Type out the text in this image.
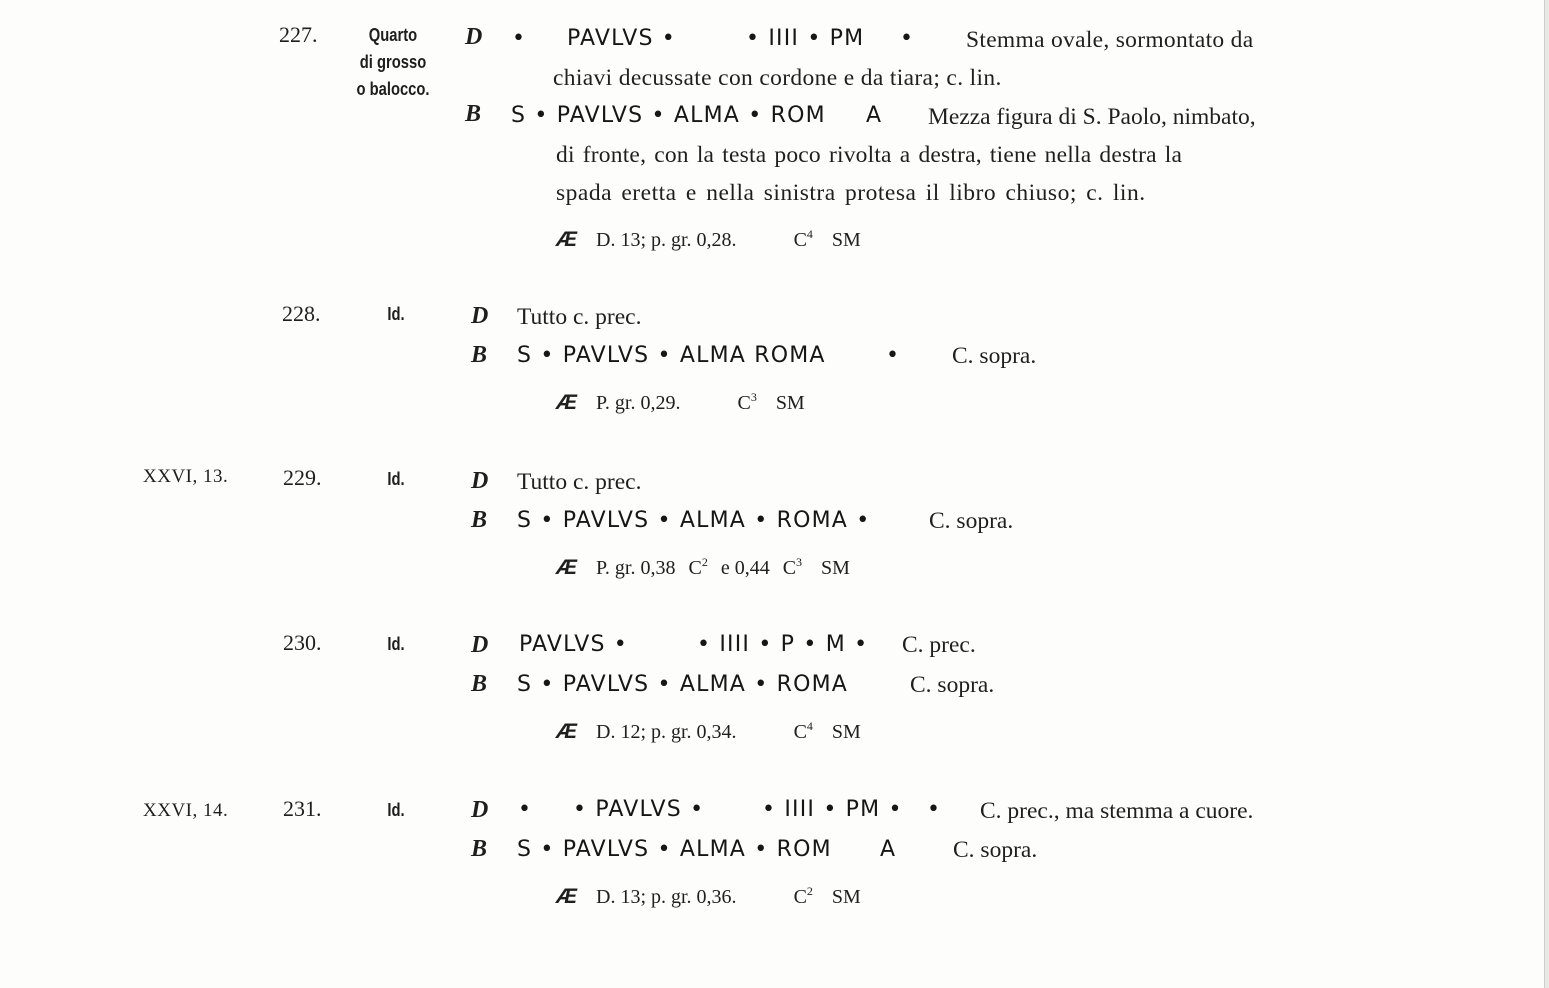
227.	Quarto
di grosso
o balocco.
D • PAVLVS •	• IIII • PM • Stemma ovale, sormontato da
chiavi decussate con cordone e da tiara; c. lin.
B S • PAVLVS • ALMA • ROM A Mezza figura di S. Paolo, nimbato,
di fronte, con la testa poco rivolta a destra, tiene nella destra la
spada eretta e nella sinistra protesa il libro chiuso; c. lin.
Æ D. 13; p. gr. 0,28.	$C^4$ SM
228.	Id.	D Tutto c. prec.
B S • PAVLVS • ALMA ROMA	• C. sopra.
Æ P. gr. 0,29.	$C^3$ SM
XXVI, 13. 229.	Id.	D Tutto c. prec.
B S • PAVLVS • ALMA • ROMA • C. sopra.
Æ P. gr. 0,38 $C^2$ e 0,44 $C^3$ SM
230.	Id.	D PAVLVS •	• IIII • P • M • C. prec.
B S • PAVLVS • ALMA • ROMA	C. sopra.
Æ D. 12; p. gr. 0,34.	$C^4$ SM
XXVI, 14. 231.	Id.	D • • PAVLVS •	• IIII • PM • • C. prec., ma stemma a cuore.
B S • PAVLVS • ALMA • ROM A C. sopra.
Æ D. 13; p. gr. 0,36.	$C^2$ SM
